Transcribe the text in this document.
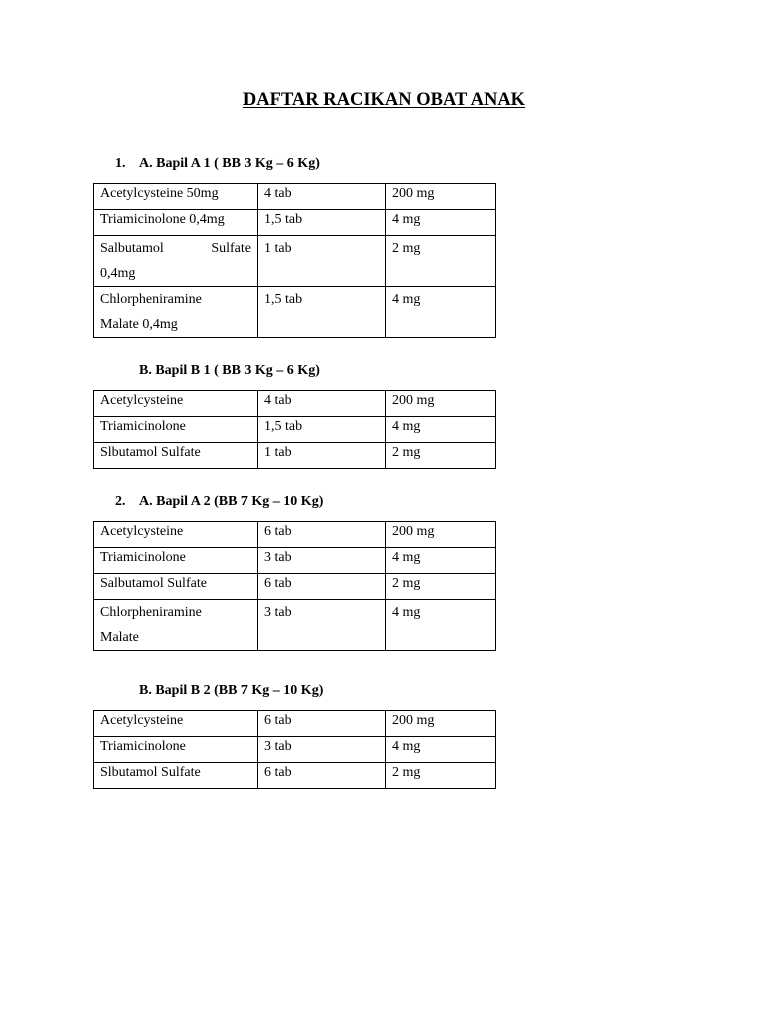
DAFTAR RACIKAN OBAT ANAK
1. A. Bapil A 1 ( BB 3 Kg – 6 Kg)
Acetylcysteine 50mg	4 tab	200 mg
Triamicinolone 0,4mg	1,5 tab	4 mg

Salbutamol Sulfate
0,4mg	1 tab	2 mg

Chlorpheniramine
Malate 0,4mg	1,5 tab	4 mg
B. Bapil B 1 ( BB 3 Kg – 6 Kg)
Acetylcysteine	4 tab	200 mg
Triamicinolone	1,5 tab	4 mg
Slbutamol Sulfate	1 tab	2 mg
2. A. Bapil A 2 (BB 7 Kg – 10 Kg)
Acetylcysteine	6 tab	200 mg
Triamicinolone	3 tab	4 mg
Salbutamol Sulfate	6 tab	2 mg

Chlorpheniramine
Malate	3 tab	4 mg
B. Bapil B 2 (BB 7 Kg – 10 Kg)
Acetylcysteine	6 tab	200 mg
Triamicinolone	3 tab	4 mg
Slbutamol Sulfate	6 tab	2 mg
